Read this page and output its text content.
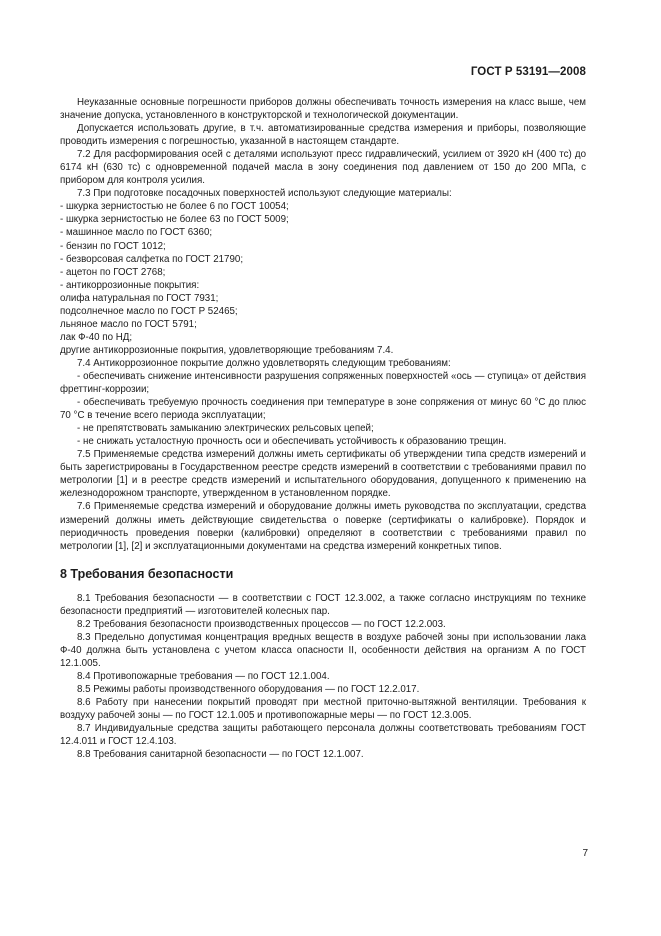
ГОСТ Р 53191—2008

Неуказанные основные погрешности приборов должны обеспечивать точность измерения на класс выше, чем значение допуска, установленного в конструкторской и технологической документации.

Допускается использовать другие, в т.ч. автоматизированные средства измерения и приборы, позволяющие проводить измерения с погрешностью, указанной в настоящем стандарте.

7.2 Для расформирования осей с деталями используют пресс гидравлический, усилием от 3920 кН (400 тс) до 6174 кН (630 тс) с одновременной подачей масла в зону соединения под давлением от 150 до 200 МПа, с прибором для контроля усилия.

7.3 При подготовке посадочных поверхностей используют следующие материалы:

- шкурка зернистостью не более 6 по ГОСТ 10054;

- шкурка зернистостью не более 63 по ГОСТ 5009;

- машинное масло по ГОСТ 6360;

- бензин по ГОСТ 1012;

- безворсовая салфетка по ГОСТ 21790;

- ацетон по ГОСТ 2768;

- антикоррозионные покрытия:

олифа натуральная по ГОСТ 7931;

подсолнечное масло по ГОСТ Р 52465;

льняное масло по ГОСТ 5791;

лак Ф-40 по НД;

другие антикоррозионные покрытия, удовлетворяющие требованиям 7.4.

7.4 Антикоррозионное покрытие должно удовлетворять следующим требованиям:

- обеспечивать снижение интенсивности разрушения сопряженных поверхностей «ось — ступица» от действия фреттинг-коррозии;

- обеспечивать требуемую прочность соединения при температуре в зоне сопряжения от минус 60 °С до плюс 70 °С в течение всего периода эксплуатации;

- не препятствовать замыканию электрических рельсовых цепей;

- не снижать усталостную прочность оси и обеспечивать устойчивость к образованию трещин.

7.5 Применяемые средства измерений должны иметь сертификаты об утверждении типа средств измерений и быть зарегистрированы в Государственном реестре средств измерений в соответствии с требованиями правил по метрологии [1] и в реестре средств измерений и испытательного оборудования, допущенного к применению на железнодорожном транспорте, утвержденном в установленном порядке.

7.6 Применяемые средства измерений и оборудование должны иметь руководства по эксплуатации, средства измерений должны иметь действующие свидетельства о поверке (сертификаты о калибровке). Порядок и периодичность проведения поверки (калибровки) определяют в соответствии с требованиями правил по метрологии [1], [2] и эксплуатационными документами на средства измерений конкретных типов.

8 Требования безопасности

8.1 Требования безопасности — в соответствии с ГОСТ 12.3.002, а также согласно инструкциям по технике безопасности предприятий — изготовителей колесных пар.

8.2 Требования безопасности производственных процессов — по ГОСТ 12.2.003.

8.3 Предельно допустимая концентрация вредных веществ в воздухе рабочей зоны при использовании лака Ф-40 должна быть установлена с учетом класса опасности II, особенности действия на организм А по ГОСТ 12.1.005.

8.4 Противопожарные требования — по ГОСТ 12.1.004.

8.5 Режимы работы производственного оборудования — по ГОСТ 12.2.017.

8.6 Работу при нанесении покрытий проводят при местной приточно-вытяжной вентиляции. Требования к воздуху рабочей зоны — по ГОСТ 12.1.005 и противопожарные меры — по ГОСТ 12.3.005.

8.7 Индивидуальные средства защиты работающего персонала должны соответствовать требованиям ГОСТ 12.4.011 и ГОСТ 12.4.103.

8.8 Требования санитарной безопасности — по ГОСТ 12.1.007.

7
